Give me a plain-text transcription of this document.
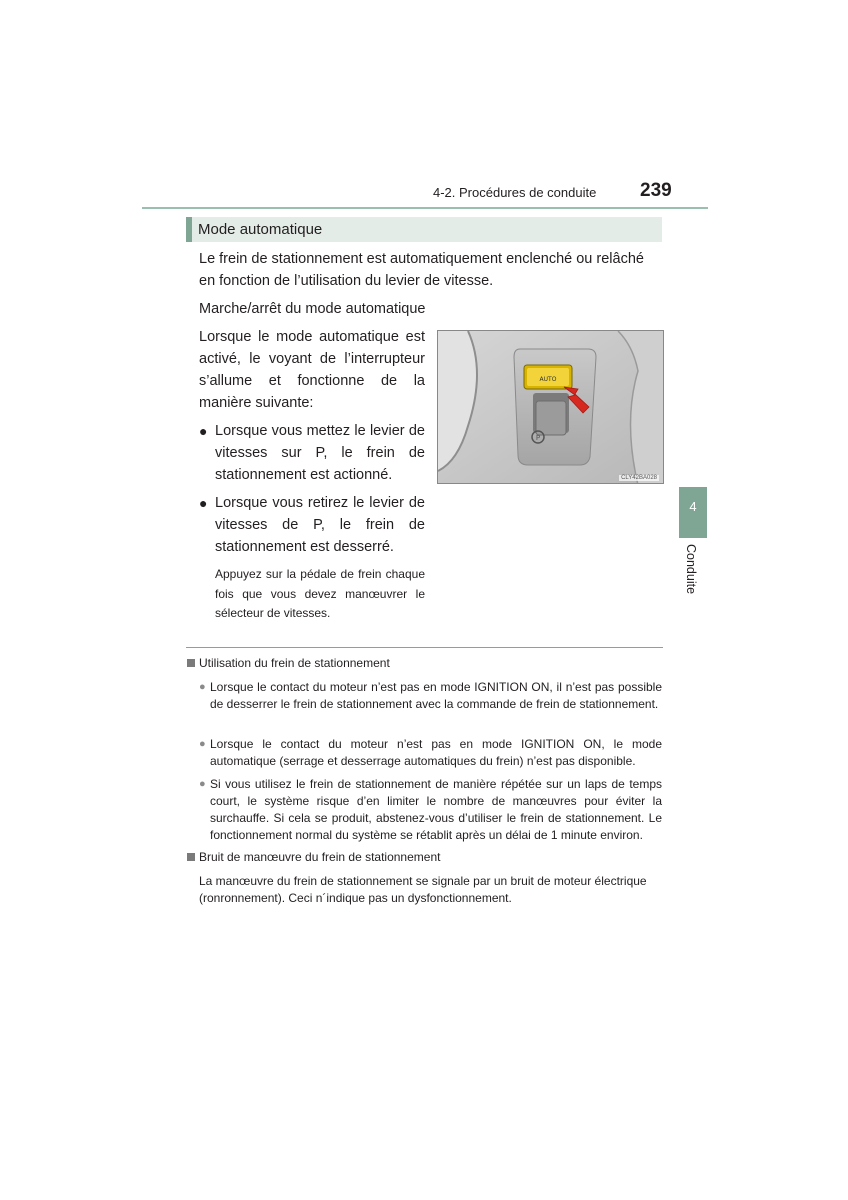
4-2. Procédures de conduite 239
Mode automatique
Le frein de stationnement est automatiquement enclenché ou relâché en fonction de l’utilisation du levier de vitesse.
Marche/arrêt du mode automatique
Lorsque le mode automatique est activé, le voyant de l’interrupteur s’allume et fonctionne de la manière suivante:
● Lorsque vous mettez le levier de vitesses sur P, le frein de stationnement est actionné.
● Lorsque vous retirez le levier de vitesses de P, le frein de stationnement est desserré.
Appuyez sur la pédale de frein chaque fois que vous devez manœuvrer le sélecteur de vitesses.
P
AUTO
CLY42BA028
Utilisation du frein de stationnement
● Lorsque le contact du moteur n’est pas en mode IGNITION ON, il n’est pas possible de desserrer le frein de stationnement avec la commande de frein de stationnement.
● Lorsque le contact du moteur n’est pas en mode IGNITION ON, le mode automatique (serrage et desserrage automatiques du frein) n’est pas disponible.
● Si vous utilisez le frein de stationnement de manière répétée sur un laps de temps court, le système risque d’en limiter le nombre de manœuvres pour éviter la surchauffe. Si cela se produit, abstenez-vous d’utiliser le frein de stationnement. Le fonctionnement normal du système se rétablit après un délai de 1 minute environ.
Bruit de manœuvre du frein de stationnement
La manœuvre du frein de stationnement se signale par un bruit de moteur électrique (ronronnement). Ceci n´indique pas un dysfonctionnement.
4
Conduite
